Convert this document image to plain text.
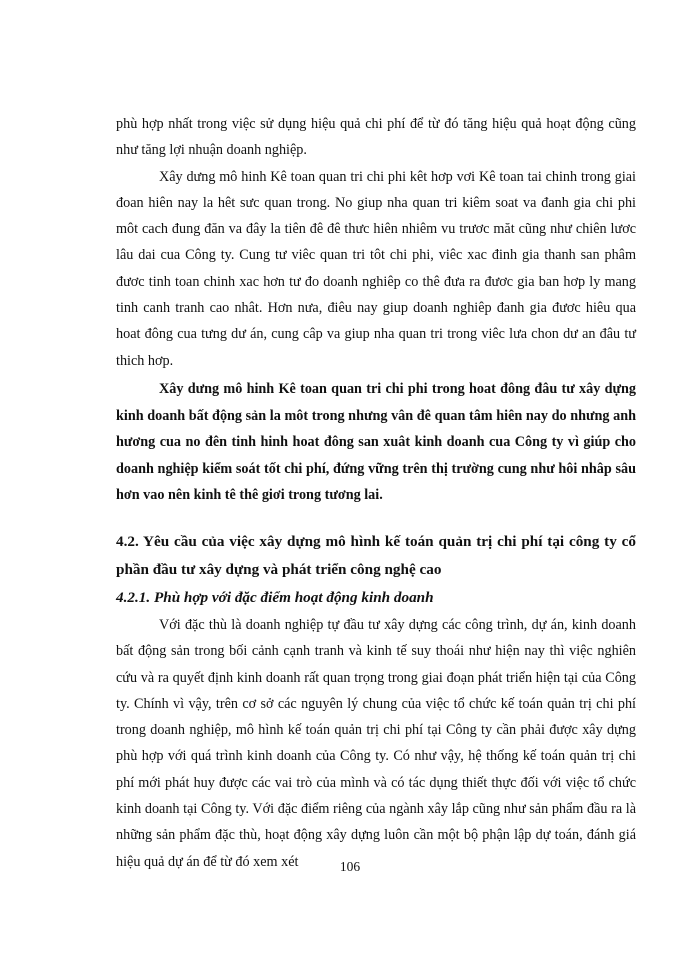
phù hợp nhất trong việc sử dụng hiệu quả chi phí để từ đó tăng hiệu quả hoạt động cũng như tăng lợi nhuận doanh nghiệp.

Xây dưng mô hinh Kê toan quan tri chi phi kêt hơp vơi Kê toan tai chinh trong giai đoan hiên nay la hêt sưc quan trong. No giup nha quan tri kiêm soat va đanh gia chi phi môt cach đung đăn va đây la tiên đê đê thưc hiên nhiêm vu trươc măt cũng như chiên lươc lâu dai cua Công ty. Cung tư viêc quan tri tôt chi phi, viêc xac đinh gia thanh san phâm đươc tinh toan chinh xac hơn tư đo doanh nghiêp co thê đưa ra đươc gia ban hơp ly mang tinh canh tranh cao nhât. Hơn nưa, điêu nay giup doanh nghiêp đanh gia đươc hiêu qua hoat đông cua tưng dư án, cung câp va giup nha quan tri trong viêc lưa chon dư an đâu tư thich hơp.

Xây dưng mô hinh Kê toan quan tri chi phi trong hoat đông đâu tư xây dựng kinh doanh bất động sản la môt trong nhưng vân đê quan tâm hiên nay do nhưng anh hương cua no đên tinh hinh hoat đông san xuât kinh doanh cua Công ty vì giúp cho doanh nghiệp kiểm soát tốt chi phí, đứng vững trên thị trường cung như hôi nhâp sâu hơn vao nên kinh tê thê giơi trong tương lai.

4.2. Yêu cầu của việc xây dựng mô hình kế toán quản trị chi phí tại công ty cổ phần đầu tư xây dựng và phát triển công nghệ cao
4.2.1. Phù hợp với đặc điểm hoạt động kinh doanh

Với đặc thù là doanh nghiệp tự đầu tư xây dựng các công trình, dự án, kinh doanh bất động sản trong bối cảnh cạnh tranh và kinh tế suy thoái như hiện nay thì việc nghiên cứu và ra quyết định kinh doanh rất quan trọng trong giai đoạn phát triển hiện tại của Công ty. Chính vì vậy, trên cơ sở các nguyên lý chung của việc tổ chức kế toán quản trị chi phí trong doanh nghiệp, mô hình kế toán quản trị chi phí tại Công ty cần phải được xây dựng phù hợp với quá trình kinh doanh của Công ty. Có như vậy, hệ thống kế toán quản trị chi phí mới phát huy được các vai trò của mình và có tác dụng thiết thực đối với việc tổ chức kinh doanh tại Công ty. Với đặc điểm riêng của ngành xây lắp cũng như sản phẩm đầu ra là những sản phẩm đặc thù, hoạt động xây dựng luôn cần một bộ phận lập dự toán, đánh giá hiệu quả dự án để từ đó xem xét	106
